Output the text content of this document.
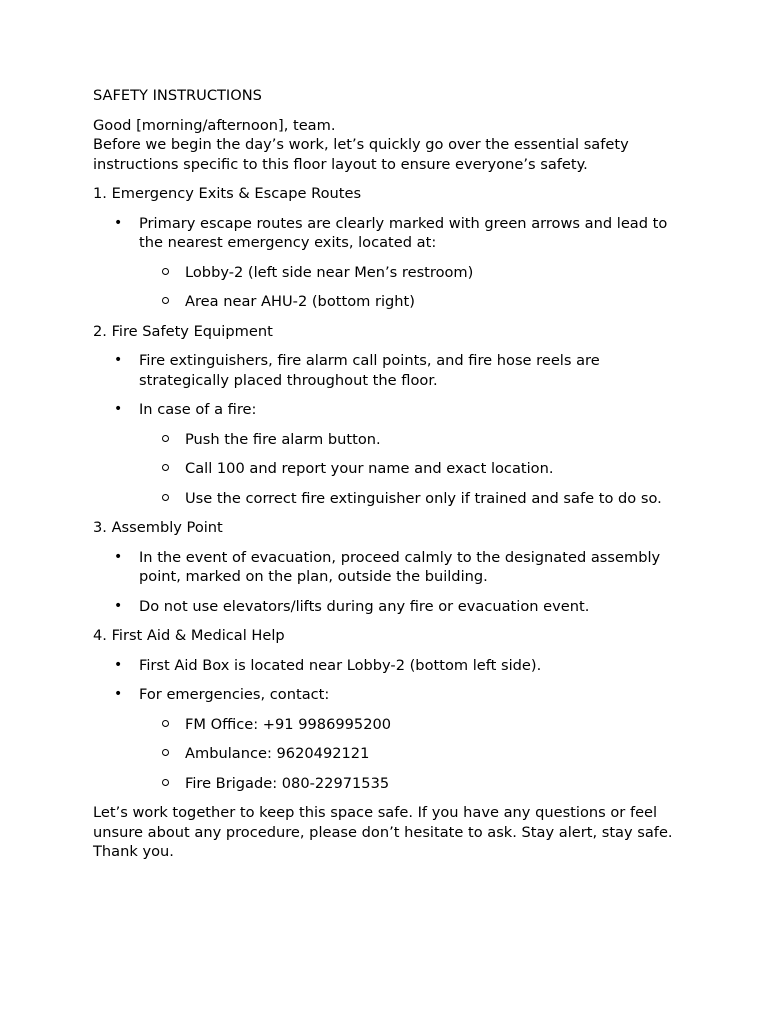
SAFETY INSTRUCTIONS

Good [morning/afternoon], team.

Before we begin the day’s work, let’s quickly go over the essential safety instructions specific to this floor layout to ensure everyone’s safety.

1. Emergency Exits & Escape Routes

• Primary escape routes are clearly marked with green arrows and lead to the nearest emergency exits, located at:
Lobby-2 (left side near Men’s restroom)
Area near AHU-2 (bottom right)

2. Fire Safety Equipment

• Fire extinguishers, fire alarm call points, and fire hose reels are strategically placed throughout the floor.
• In case of a fire:
Push the fire alarm button.
Call 100 and report your name and exact location.
Use the correct fire extinguisher only if trained and safe to do so.

3. Assembly Point

• In the event of evacuation, proceed calmly to the designated assembly point, marked on the plan, outside the building.
• Do not use elevators/lifts during any fire or evacuation event.

4. First Aid & Medical Help

• First Aid Box is located near Lobby-2 (bottom left side).
• For emergencies, contact:
FM Office: +91 9986995200
Ambulance: 9620492121
Fire Brigade: 080-22971535

Let’s work together to keep this space safe. If you have any questions or feel unsure about any procedure, please don’t hesitate to ask. Stay alert, stay safe. Thank you.
